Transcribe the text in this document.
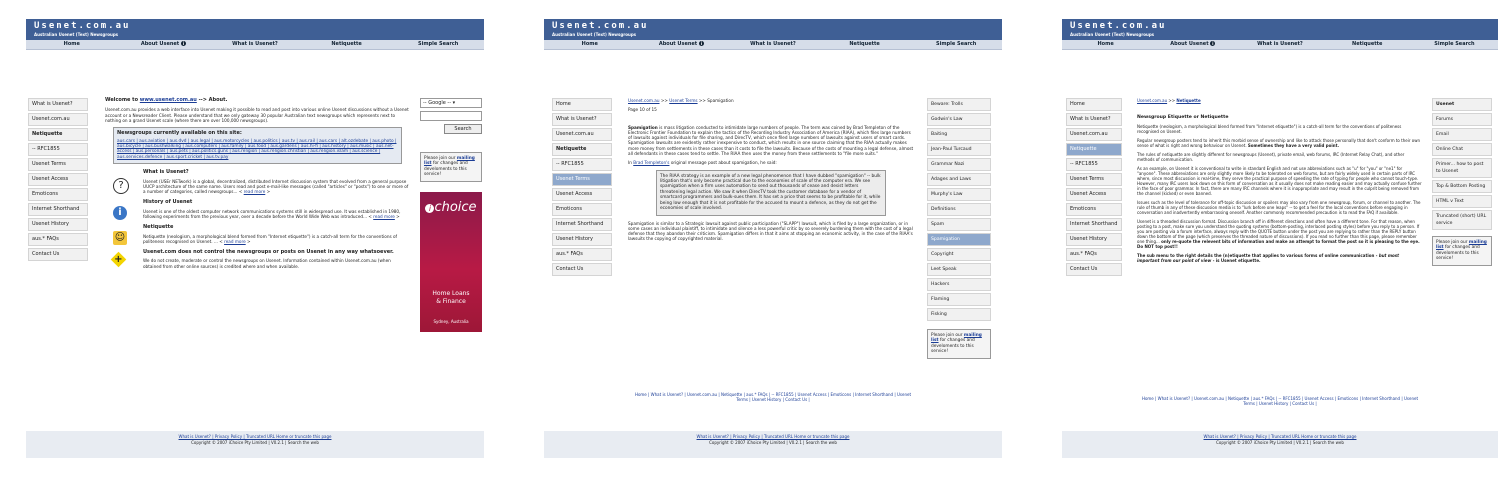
Usenet.com.au
Australian Usenet (Text) Newsgroups
Home	About Usenet i	What is Usenet?	Netiquette	Simple Search
What is Usenet?
Usenet.com.au
Netiquette
-- RFC1855
Usenet Terms
Usenet Access
Emoticons
Internet Shorthand
Usenet History
aus.* FAQs
Contact Us

Welcome to www.usenet.com.au --> About.

Usenet.com.au provides a web interface into Usenet making it possible to read and post into various online Usenet discussions without a Usenet account or a Newsreader Client. Please understand that we only gateway 30 popular Australian text newsgroups which represents next to nothing on a grand Usenet scale (where there are over 100,000 newsgroups).

Newsgroups currently available on this site:
aus.cars | aus.aviation | aus.dvd | aus.legal | aus.motorcycles | aus.politics | aus.tv | aus.rail | aus.cars | alt.ozdebate | aus.photo | aus.bicycle | aus.bushwalking | aus.computers | aus.family | aus.food | aus.gardens | aus.hi-fi | aus.history | aus.music | aus.net-access | aus.personals | aus.pets | aus.politics.guns | aus.religion | aus.religion.christian | aus.religion.islam | aus.science | aus.services.defence | aus.sport.cricket | aus.tv.pay
?
What is Usenet?
Usenet (USEr NETwork) is a global, decentralized, distributed Internet discussion system that evolved from a general purpose UUCP architecture of the same name. Users read and post e-mail-like messages (called "articles" or "posts") to one or more of a number of categories, called newsgroups... < read more >
i
History of Usenet
Usenet is one of the oldest computer network communications systems still in widespread use. It was established in 1980, following experiments from the previous year, over a decade before the World Wide Web was introduced... < read more >
☺
Netiquette
Netiquette (neologism, a morphological blend formed from "Internet etiquette") is a catch-all term for the conventions of politeness recognised on Usenet. ... < read more >
+
Usenet.com does not control the newsgroups or posts on Usenet in any way whatsoever.
We do not create, moderate or control the newsgroups on Usenet. Information contained within Usenet.com.au (when obtained from other online sources) is credited where and when available.
-- Google -- ▾
Search
Please join our mailing list for changes and develoments to this service!
i choice
Home Loans
& Finance
Sydney, Australia
What is Usenet? | Privacy Policy | Truncated URL Home or truncate this page
Copyright © 2007 iChoice Pty Limited | V0.2.1 | Search the web
Usenet.com.au
Australian Usenet (Text) Newsgroups
Home	About Usenet i	What is Usenet?	Netiquette	Simple Search
Home
What is Usenet?
Usenet.com.au
Netiquette
-- RFC1855
Usenet Terms
Usenet Access
Emoticons
Internet Shorthand
Usenet History
aus.* FAQs
Contact Us

Usenet.com.au >> Usenet Terms >> Spamigation

Page 10 of 15

Spamigation is mass litigation conducted to intimidate large numbers of people. The term was coined by Brad Templeton of the Electronic Frontier Foundation to explain the tactics of the Recording Industry Association of America (RIAA), which files large numbers of lawsuits against individuals for file sharing, and DirecTV, which once filed large numbers of lawsuits against users of smart cards. Spamigation lawsuits are evidently rather inexpensive to conduct, which results in one source claiming that the RIAA actually makes more money from settlements in these cases than it costs to file the lawsuits. Because of the costs of mounting a legal defense, almost all defendants in these cases tend to settle. The RIAA then uses the money from these settlements to "file more suits."

In Brad Templeton's original message post about spamigation, he said:

The RIAA strategy is an example of a new legal phenomenon that I have dubbed "spamigation" -- bulk litigation that's only become practical due to the economies of scale of the computer era. We see spamigation when a firm uses automation to send out thousands of cease and desist letters threatening legal action. We saw it when DirecTV took the customer database for a vendor of smartcard programmers and bulk-sues them. It has set a price that seems to be profitable for it, while being low enough that it is not profitable for the accused to mount a defence, as they do not get the economies of scale involved.

Spamigation is similar to a Strategic lawsuit against public participation ("SLAPP") lawsuit, which is filed by a large organization, or in some cases an individual plaintiff, to intimidate and silence a less powerful critic by so severely burdening them with the cost of a legal defense that they abandon their criticism. Spamigation differs in that it aims at stopping an economic activity, in the case of the RIAA's lawsuits the copying of copyrighted material.

Beware: Trolls
Godwin's Law
Baiting
Jean-Paul Turcaud
Grammar Nazi
Adages and Laws
Murphy's Law
Definitions
Spam
Spamigation
Copyright
Leet Speak
Hackers
Flaming
Fisking
Please join our mailing list for changes and develoments to this service!
Home | What is Usenet? | Usenet.com.au | Netiquette | aus.* FAQs | -- RFC1855 | Usenet Access | Emoticons | Internet Shorthand | Usenet
Terms | Usenet History | Contact Us |
What is Usenet? | Privacy Policy | Truncated URL Home or truncate this page
Copyright © 2007 iChoice Pty Limited | V0.2.1 | Search the web
Usenet.com.au
Australian Usenet (Text) Newsgroups
Home	About Usenet i	What is Usenet?	Netiquette	Simple Search
Home
What is Usenet?
Usenet.com.au
Netiquette
-- RFC1855
Usenet Terms
Usenet Access
Emoticons
Internet Shorthand
Usenet History
aus.* FAQs
Contact Us

Usenet.com.au >> Netiquette

Newsgroup Etiquette or Netiquette

Netiquette (neologism, a morphological blend formed from "Internet etiquette") is a catch-all term for the conventions of politeness recognised on Usenet.

Regular newsgroup posters tend to inherit this morbid sense of ownership and like to attack those personally that don't conform to their own sense of what is right and wrong behaviour on Usenet. Sometimes they have a very valid point.

The rules of netiquette are slightly different for newsgroups (Usenet), private email, web forums, IRC (Internet Relay Chat), and other methods of communication.

As an example, on Usenet it is conventional to write in standard English and not use abbreviations such as "u" for "you" or "ne1" for "anyone". These abbreviations are only slightly more likely to be tolerated on web forums, but are fairly widely used in certain parts of IRC where, since most discussion is real-time, they serve the practical purpose of speeding the rate of typing for people who cannot touch-type. However, many IRC users look down on this form of conversation as it usually does not make reading easier and may actually confuse further in the face of poor grammar. In fact, there are many IRC channels where it is inappropriate and may result in the culprit being removed from the channel (kicked) or even banned.

Issues such as the level of tolerance for off-topic discussion or spoilers may also vary from one newsgroup, forum, or channel to another. The rule of thumb in any of these discussion media is to "lurk before one leaps" -- to get a feel for the local conventions before engaging in conversation and inadvertently embarrassing oneself. Another commonly recommended precaution is to read the FAQ if available.

Usenet is a threaded discussion format. Discussion branch off in different directions and often have a different tone. For that reason, when posting to a post, make sure you understand the quoting systems (bottom-posting, interlaced posting styles) before you reply to a person. If you are posting via a forum interface, always reply with the QUOTE button under the post you are replying to rather than the REPLY button down the bottom of the page (which preserves the threaded nature of discussions). If you read no further than this page, please remember one thing... only re-quote the relevent bits of information and make an attempt to format the post so it is pleasing to the eye. Do NOT top post!!

The sub menu to the right details the (n)etiquette that applies to various forms of online communication - but most important from our point of view - is Usenet etiquette.

Usenet
Forums
Email
Online Chat
Primer... how to post to Usenet
Top & Bottom Posting
HTML v Text
Truncated (short) URL service
Please join our mailing list for changes and develoments to this service!
Home | What is Usenet? | Usenet.com.au | Netiquette | aus.* FAQs | -- RFC1855 | Usenet Access | Emoticons | Internet Shorthand | Usenet
Terms | Usenet History | Contact Us |
What is Usenet? | Privacy Policy | Truncated URL Home or truncate this page
Copyright © 2007 iChoice Pty Limited | V0.2.1 | Search the web
